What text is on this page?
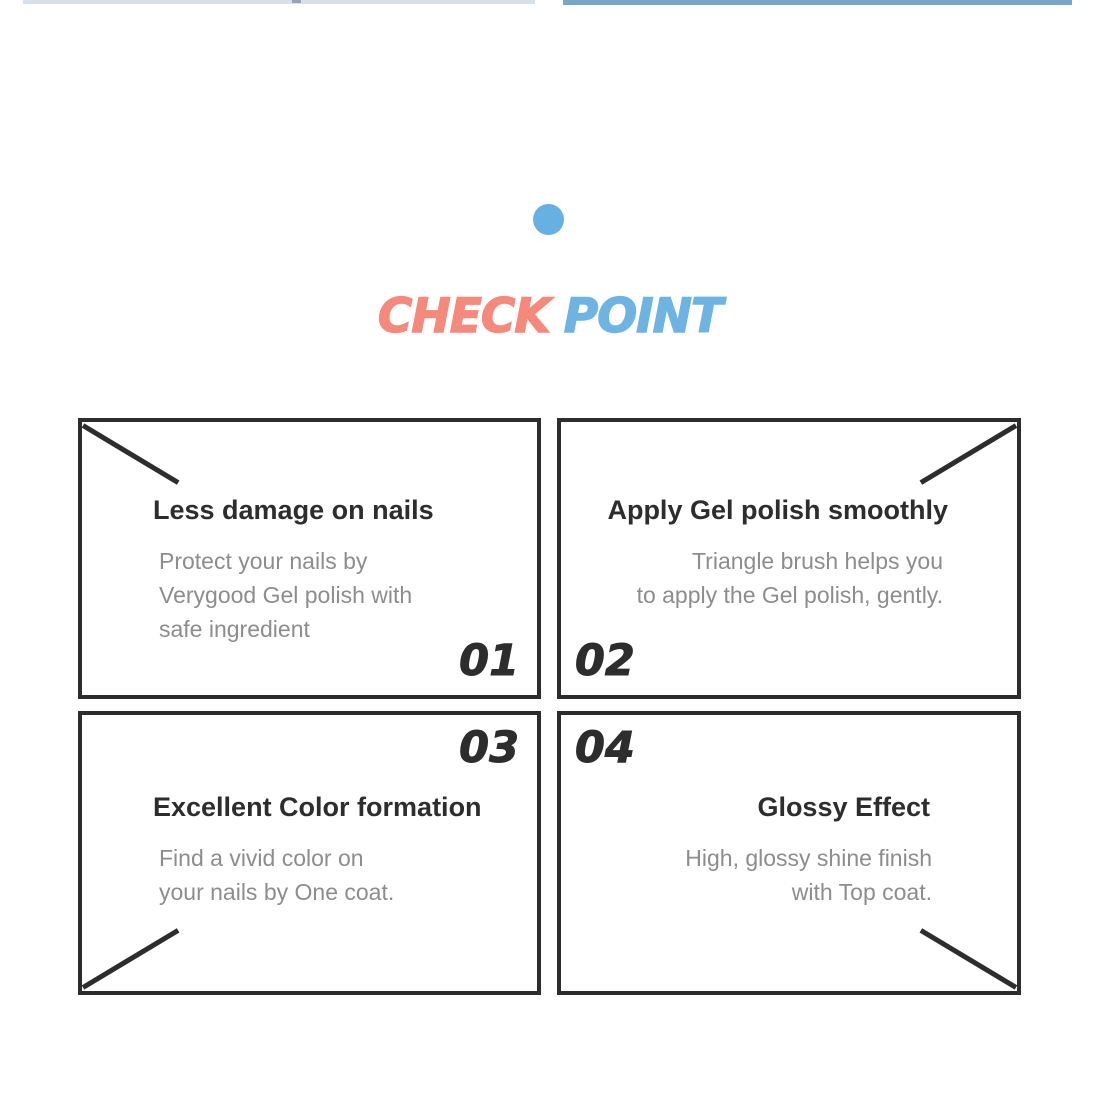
CHECK POINT
Less damage on nails
Protect your nails by
Verygood Gel polish with
safe ingredient
01
Apply Gel polish smoothly
Triangle brush helps you
to apply the Gel polish, gently.
02
03
Excellent Color formation
Find a vivid color on
your nails by One coat.
04
Glossy Effect
High, glossy shine finish
with Top coat.
